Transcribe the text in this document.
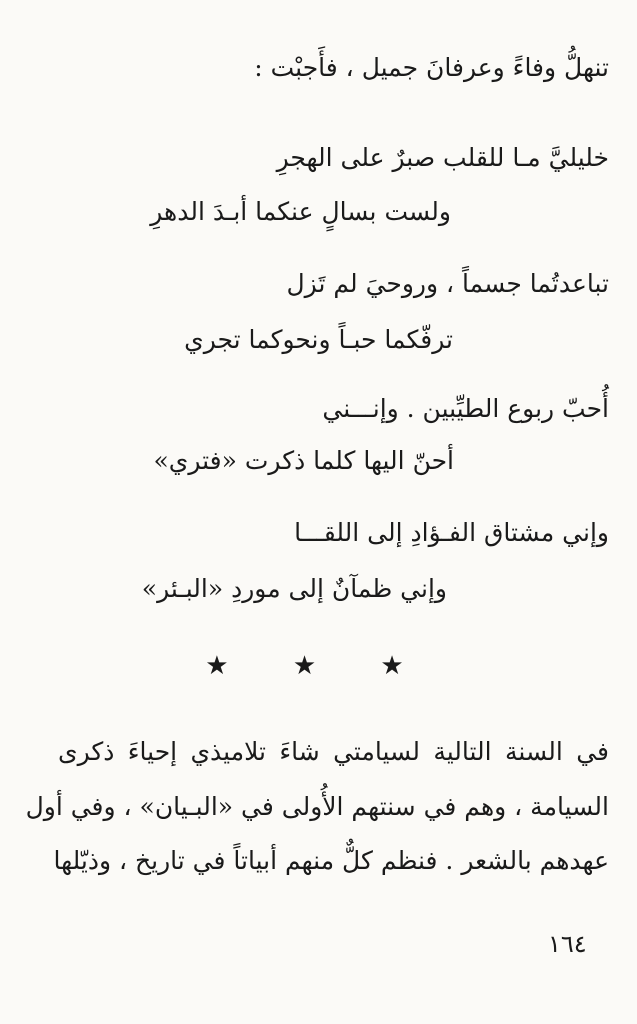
تنهلُّ وفاءً وعرفانَ جميل ، فأَجبْت :
خليليَّ مـا للقلب صبرٌ على الهجرِ
ولست بسالٍ عنكما أبـدَ الدهرِ
تباعدتُما جسماً ، وروحيَ لم تَزل
ترفّكما حبـاً ونحوكما تجري
أُحبّ ربوع الطيِّبين . وإنـــني
أحنّ اليها كلما ذكرت «فتري»
وإني مشتاق الفـؤادِ إلى اللقـــا
وإني ظمآنٌ إلى موردِ «البـئر»
★ ★ ★
في السنة التالية لسيامتي شاءَ تلاميذي إحياءَ ذكرى
السيامة ، وهم في سنتهم الأُولى في «البـيان» ، وفي أول
عهدهم بالشعر . فنظم كلٌّ منهم أبياتاً في تاريخ ، وذيّلها
١٦٤
